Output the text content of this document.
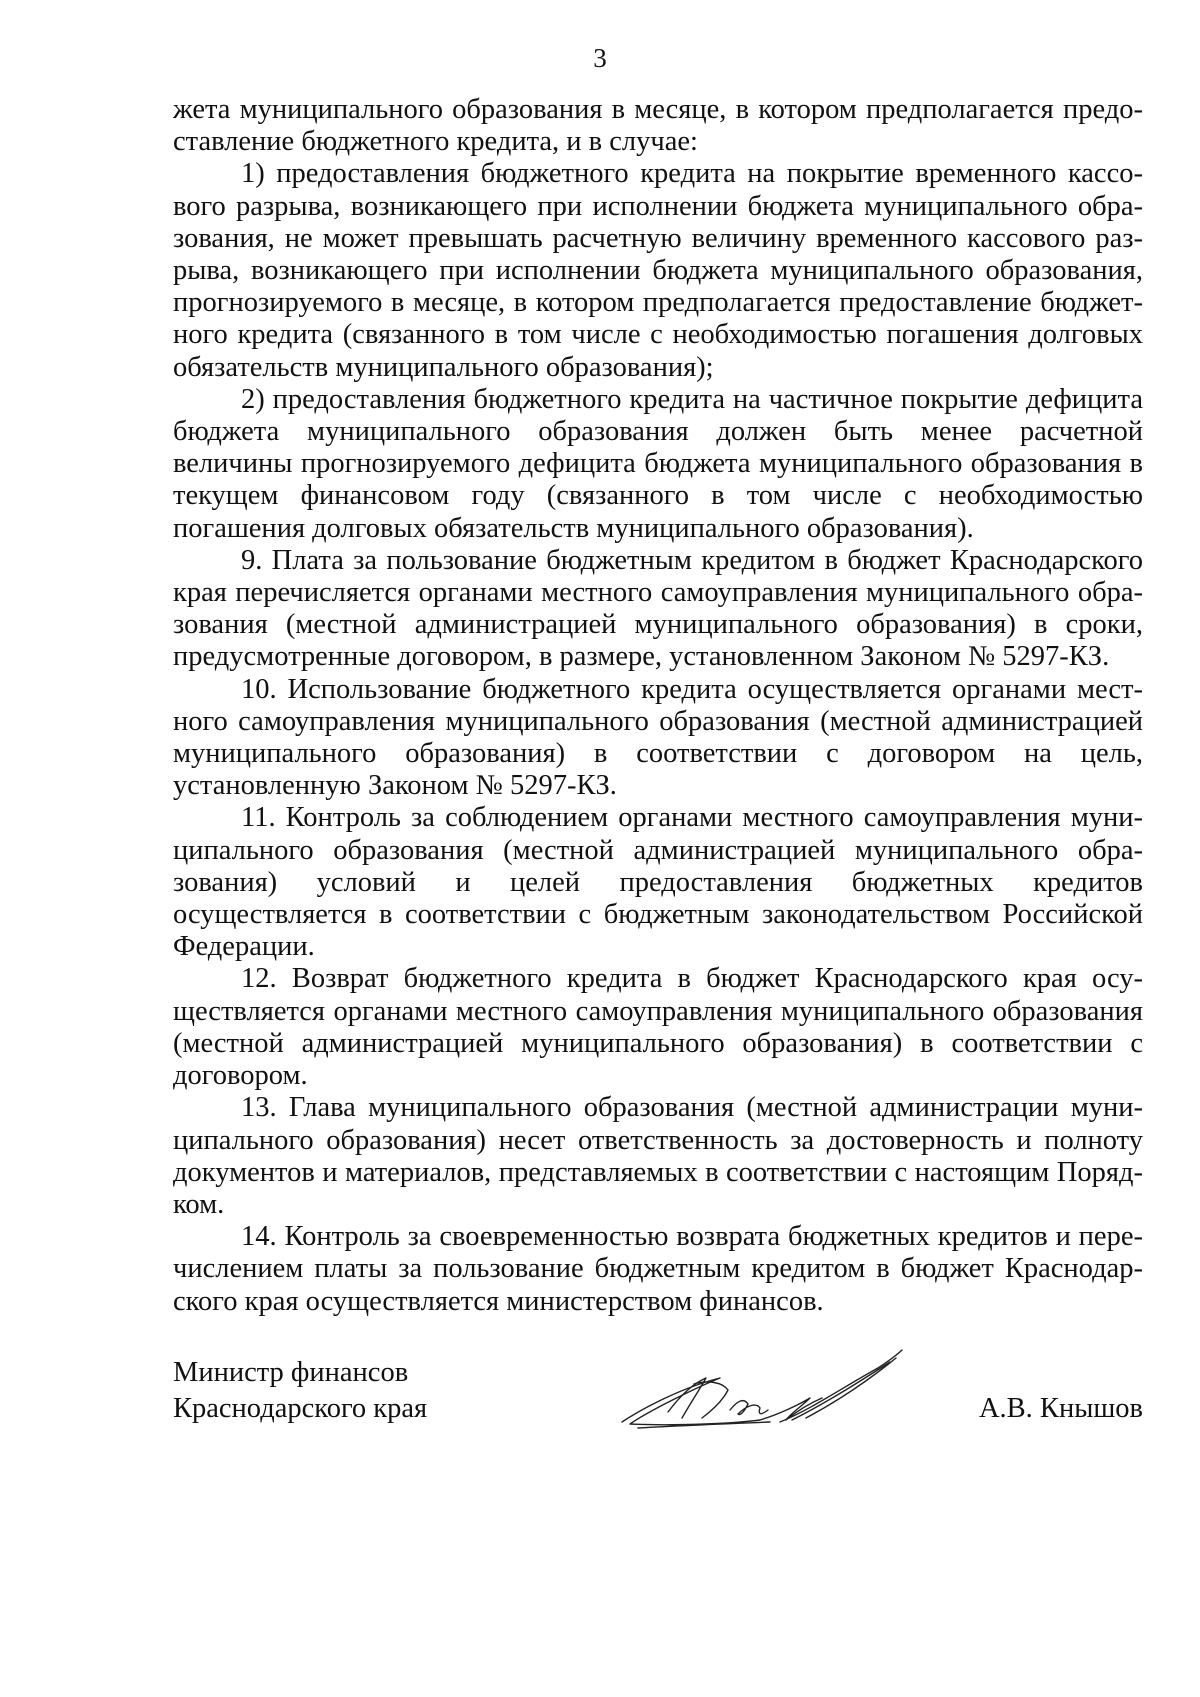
3

жета муниципального образования в месяце, в котором предполагается предоставление бюджетного кредита, и в случае:

1) предоставления бюджетного кредита на покрытие временного кассового разрыва, возникающего при исполнении бюджета муниципального образования, не может превышать расчетную величину временного кассового разрыва, возникающего при исполнении бюджета муниципального образования, прогнозируемого в месяце, в котором предполагается предоставление бюджетного кредита (связанного в том числе с необходимостью погашения долговых обязательств муниципального образования);

2) предоставления бюджетного кредита на частичное покрытие дефицита бюджета муниципального образования должен быть менее расчетной величины прогнозируемого дефицита бюджета муниципального образования в текущем финансовом году (связанного в том числе с необходимостью погашения долговых обязательств муниципального образования).

9. Плата за пользование бюджетным кредитом в бюджет Краснодарского края перечисляется органами местного самоуправления муниципального образования (местной администрацией муниципального образования) в сроки, предусмотренные договором, в размере, установленном Законом № 5297-КЗ.

10. Использование бюджетного кредита осуществляется органами местного самоуправления муниципального образования (местной администрацией муниципального образования) в соответствии с договором на цель, установленную Законом № 5297-КЗ.

11. Контроль за соблюдением органами местного самоуправления муниципального образования (местной администрацией муниципального образования) условий и целей предоставления бюджетных кредитов осуществляется в соответствии с бюджетным законодательством Российской Федерации.

12. Возврат бюджетного кредита в бюджет Краснодарского края осуществляется органами местного самоуправления муниципального образования (местной администрацией муниципального образования) в соответствии с договором.

13. Глава муниципального образования (местной администрации муниципального образования) несет ответственность за достоверность и полноту документов и материалов, представляемых в соответствии с настоящим Порядком.

14. Контроль за своевременностью возврата бюджетных кредитов и перечислением платы за пользование бюджетным кредитом в бюджет Краснодарского края осуществляется министерством финансов.

Министр финансов
Краснодарского края	А.В. Кнышов
